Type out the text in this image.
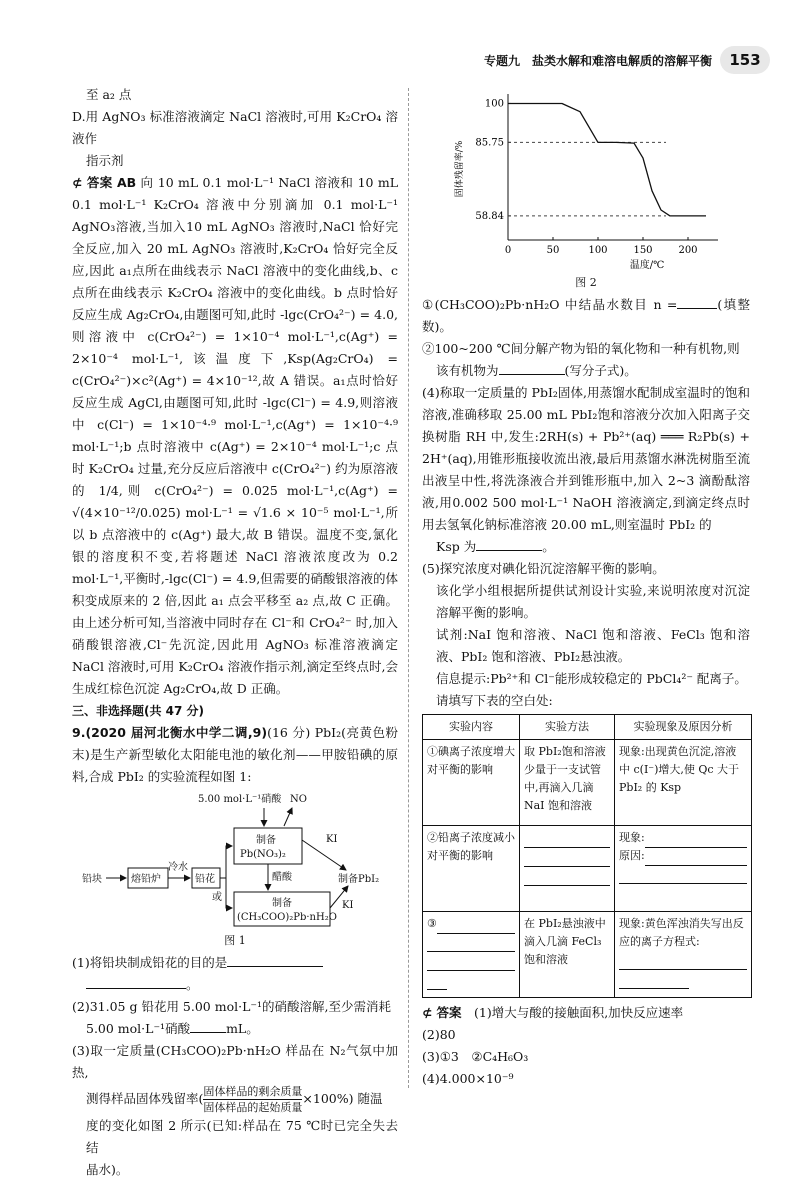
专题九　盐类水解和难溶电解质的溶解平衡	153

至 a₂ 点

D.用 AgNO₃ 标准溶液滴定 NaCl 溶液时,可用 K₂CrO₄ 溶液作

指示剂

⊄ 答案 AB 向 10 mL 0.1 mol·L⁻¹ NaCl 溶液和 10 mL 0.1 mol·L⁻¹ K₂CrO₄ 溶液中分别滴加 0.1 mol·L⁻¹ AgNO₃溶液,当加入10 mL AgNO₃ 溶液时,NaCl 恰好完全反应,加入 20 mL AgNO₃ 溶液时,K₂CrO₄ 恰好完全反应,因此 a₁点所在曲线表示 NaCl 溶液中的变化曲线,b、c 点所在曲线表示 K₂CrO₄ 溶液中的变化曲线。b 点时恰好反应生成 Ag₂CrO₄,由题图可知,此时 -lgc(CrO₄²⁻) = 4.0,则溶液中 c(CrO₄²⁻) = 1×10⁻⁴ mol·L⁻¹,c(Ag⁺) = 2×10⁻⁴ mol·L⁻¹,该温度下,Ksp(Ag₂CrO₄) = c(CrO₄²⁻)×c²(Ag⁺) = 4×10⁻¹²,故 A 错误。a₁点时恰好反应生成 AgCl,由题图可知,此时 -lgc(Cl⁻) = 4.9,则溶液中 c(Cl⁻) = 1×10⁻⁴·⁹ mol·L⁻¹,c(Ag⁺) = 1×10⁻⁴·⁹ mol·L⁻¹;b 点时溶液中 c(Ag⁺) = 2×10⁻⁴ mol·L⁻¹;c 点时 K₂CrO₄ 过量,充分反应后溶液中 c(CrO₄²⁻) 约为原溶液的 1/4,则 c(CrO₄²⁻) = 0.025 mol·L⁻¹,c(Ag⁺) = √(4×10⁻¹²/0.025) mol·L⁻¹ = √1.6 × 10⁻⁵ mol·L⁻¹,所以 b 点溶液中的 c(Ag⁺) 最大,故 B 错误。温度不变,氯化银的溶度积不变,若将题述 NaCl 溶液浓度改为 0.2 mol·L⁻¹,平衡时,-lgc(Cl⁻) = 4.9,但需要的硝酸银溶液的体积变成原来的 2 倍,因此 a₁ 点会平移至 a₂ 点,故 C 正确。由上述分析可知,当溶液中同时存在 Cl⁻和 CrO₄²⁻ 时,加入硝酸银溶液,Cl⁻先沉淀,因此用 AgNO₃ 标准溶液滴定 NaCl 溶液时,可用 K₂CrO₄ 溶液作指示剂,滴定至终点时,会生成红棕色沉淀 Ag₂CrO₄,故 D 正确。

三、非选择题(共 47 分)

9.(2020 届河北衡水中学二调,9)(16 分) PbI₂(亮黄色粉末)是生产新型敏化太阳能电池的敏化剂——甲胺铅碘的原料,合成 PbI₂ 的实验流程如图 1:

5.00 mol·L⁻¹硝酸 NO
制备
Pb(NO₃)₂
铅块	熔铅炉
冷水
铅花
或
醋酸
制备
(CH₃COO)₂Pb·nH₂O
KI
KI
制备PbI₂

图 1

(1)将铅块制成铅花的目的是

。

(2)31.05 g 铅花用 5.00 mol·L⁻¹的硝酸溶解,至少需消耗

5.00 mol·L⁻¹硝酸	mL。

(3)取一定质量(CH₃COO)₂Pb·nH₂O 样品在 N₂气氛中加热,

测得样品固体残留率( 固体样品的剩余质量
固体样品的起始质量
×100%) 随温

度的变化如图 2 所示(已知:样品在 75 ℃时已完全失去结

晶水)。

0	50	100	150	200
100
85.75
58.84
温度/℃
固体残留率/%

图 2

①(CH₃COO)₂Pb·nH₂O 中结晶水数目 n =	(填整数)。

②100~200 ℃间分解产物为铅的氧化物和一种有机物,则

该有机物为	(写分子式)。

(4)称取一定质量的 PbI₂固体,用蒸馏水配制成室温时的饱和溶液,准确移取 25.00 mL PbI₂饱和溶液分次加入阳离子交换树脂 RH 中,发生:2RH(s) + Pb²⁺(aq) ═══ R₂Pb(s) + 2H⁺(aq),用锥形瓶接收流出液,最后用蒸馏水淋洗树脂至流出液呈中性,将洗涤液合并到锥形瓶中,加入 2~3 滴酚酞溶液,用0.002 500 mol·L⁻¹ NaOH 溶液滴定,到滴定终点时用去氢氧化钠标准溶液 20.00 mL,则室温时 PbI₂ 的

Ksp 为	。

(5)探究浓度对碘化铅沉淀溶解平衡的影响。

该化学小组根据所提供试剂设计实验,来说明浓度对沉淀溶解平衡的影响。

试剂:NaI 饱和溶液、NaCl 饱和溶液、FeCl₃ 饱和溶液、PbI₂ 饱和溶液、PbI₂悬浊液。

信息提示:Pb²⁺和 Cl⁻能形成较稳定的 PbCl₄²⁻ 配离子。

请填写下表的空白处:

实验内容	实验方法	实验现象及原因分析
①碘离子浓度增大对平衡的影响	取 PbI₂饱和溶液少量于一支试管中,再滴入几滴 NaI 饱和溶液	现象:出现黄色沉淀,溶液中 c(I⁻)增大,使 Qc 大于 PbI₂ 的 Ksp
②铅离子浓度减小对平衡的影响		现象:
原因:

③	在 PbI₂悬浊液中滴入几滴 FeCl₃饱和溶液	现象:黄色浑浊消失写出反应的离子方程式:

⊄ 答案　 (1)增大与酸的接触面积,加快反应速率

(2)80

(3)①3　②C₄H₆O₃

(4)4.000×10⁻⁹
